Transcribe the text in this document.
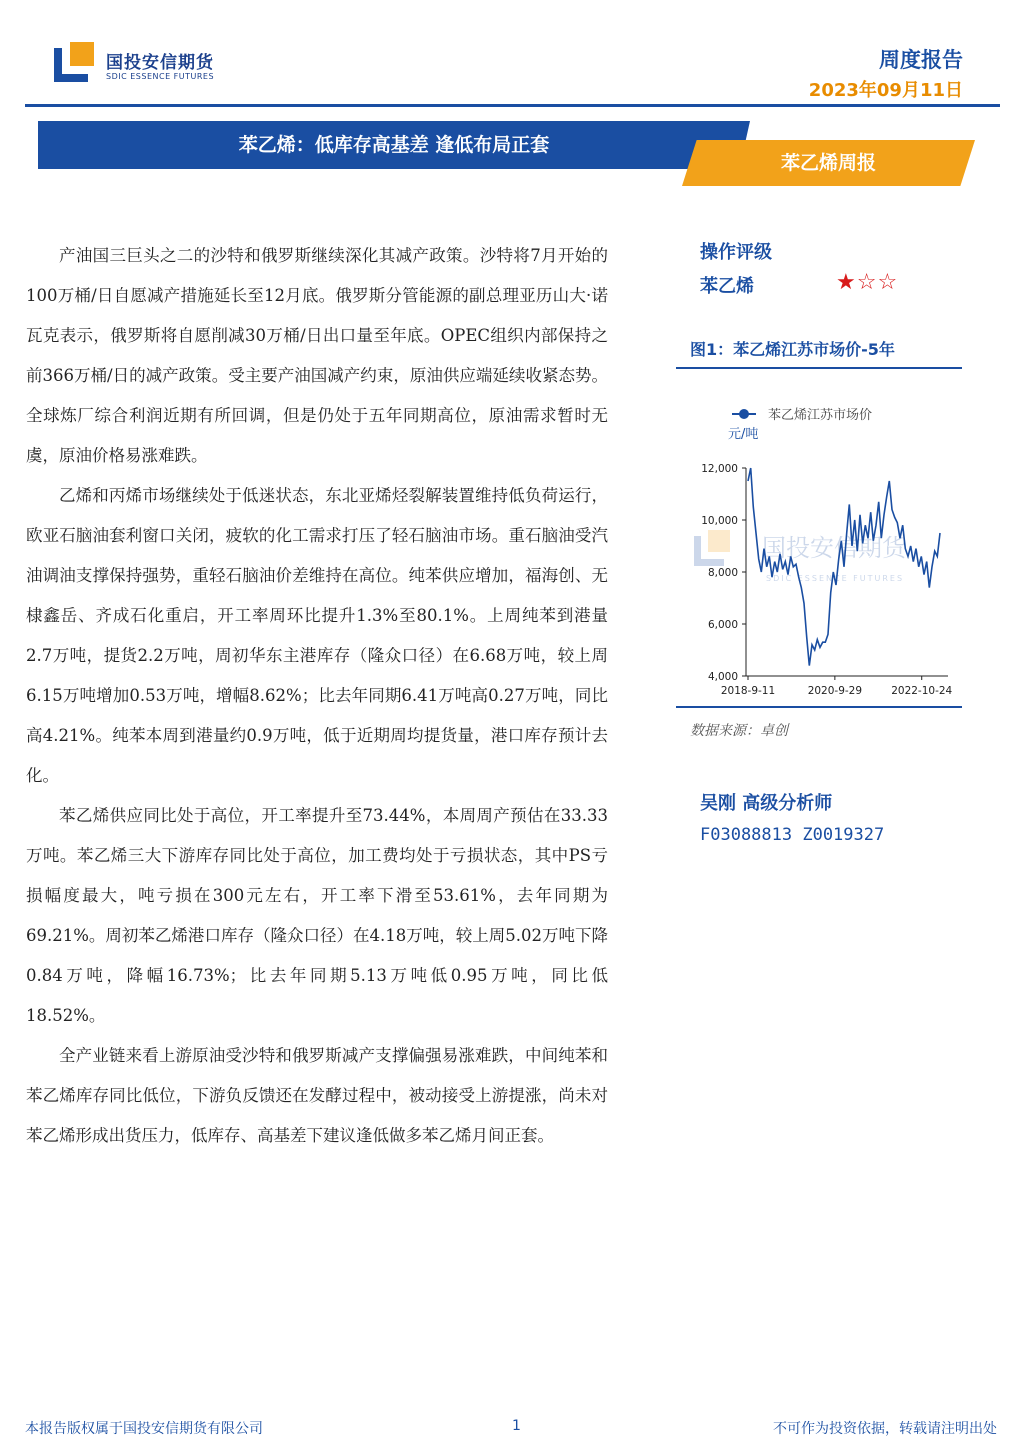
国投安信期货
SDIC ESSENCE FUTURES
周度报告
2023年09月11日
苯乙烯：低库存高基差 逢低布局正套
苯乙烯周报

产油国三巨头之二的沙特和俄罗斯继续深化其减产政策。沙特将7月开始的100万桶/日自愿减产措施延长至12月底。俄罗斯分管能源的副总理亚历山大·诺瓦克表示，俄罗斯将自愿削减30万桶/日出口量至年底。OPEC组织内部保持之前366万桶/日的减产政策。受主要产油国减产约束，原油供应端延续收紧态势。全球炼厂综合利润近期有所回调，但是仍处于五年同期高位，原油需求暂时无虞，原油价格易涨难跌。

乙烯和丙烯市场继续处于低迷状态，东北亚烯烃裂解装置维持低负荷运行，欧亚石脑油套利窗口关闭，疲软的化工需求打压了轻石脑油市场。重石脑油受汽油调油支撑保持强势，重轻石脑油价差维持在高位。纯苯供应增加，福海创、无棣鑫岳、齐成石化重启，开工率周环比提升1.3%至80.1%。上周纯苯到港量2.7万吨，提货2.2万吨，周初华东主港库存（隆众口径）在6.68万吨，较上周6.15万吨增加0.53万吨，增幅8.62%；比去年同期6.41万吨高0.27万吨，同比高4.21%。纯苯本周到港量约0.9万吨，低于近期周均提货量，港口库存预计去化。

苯乙烯供应同比处于高位，开工率提升至73.44%，本周周产预估在33.33万吨。苯乙烯三大下游库存同比处于高位，加工费均处于亏损状态，其中PS亏损幅度最大，吨亏损在300元左右，开工率下滑至53.61%，去年同期为69.21%。周初苯乙烯港口库存（隆众口径）在4.18万吨，较上周5.02万吨下降0.84万吨，降幅16.73%；比去年同期5.13万吨低0.95万吨，同比低18.52%。

全产业链来看上游原油受沙特和俄罗斯减产支撑偏强易涨难跌，中间纯苯和苯乙烯库存同比低位，下游负反馈还在发酵过程中，被动接受上游提涨，尚未对苯乙烯形成出货压力，低库存、高基差下建议逢低做多苯乙烯月间正套。

操作评级
苯乙烯	★☆☆
图1：苯乙烯江苏市场价-5年
国投安信期货
SDIC ESSENCE FUTURES
苯乙烯江苏市场价
元/吨
4,000
6,000
8,000
10,000
12,000
2018-9-11	2020-9-29	2022-10-24
数据来源：卓创
吴刚 高级分析师
F03088813 Z0019327
本报告版权属于国投安信期货有限公司	1	不可作为投资依据，转载请注明出处
